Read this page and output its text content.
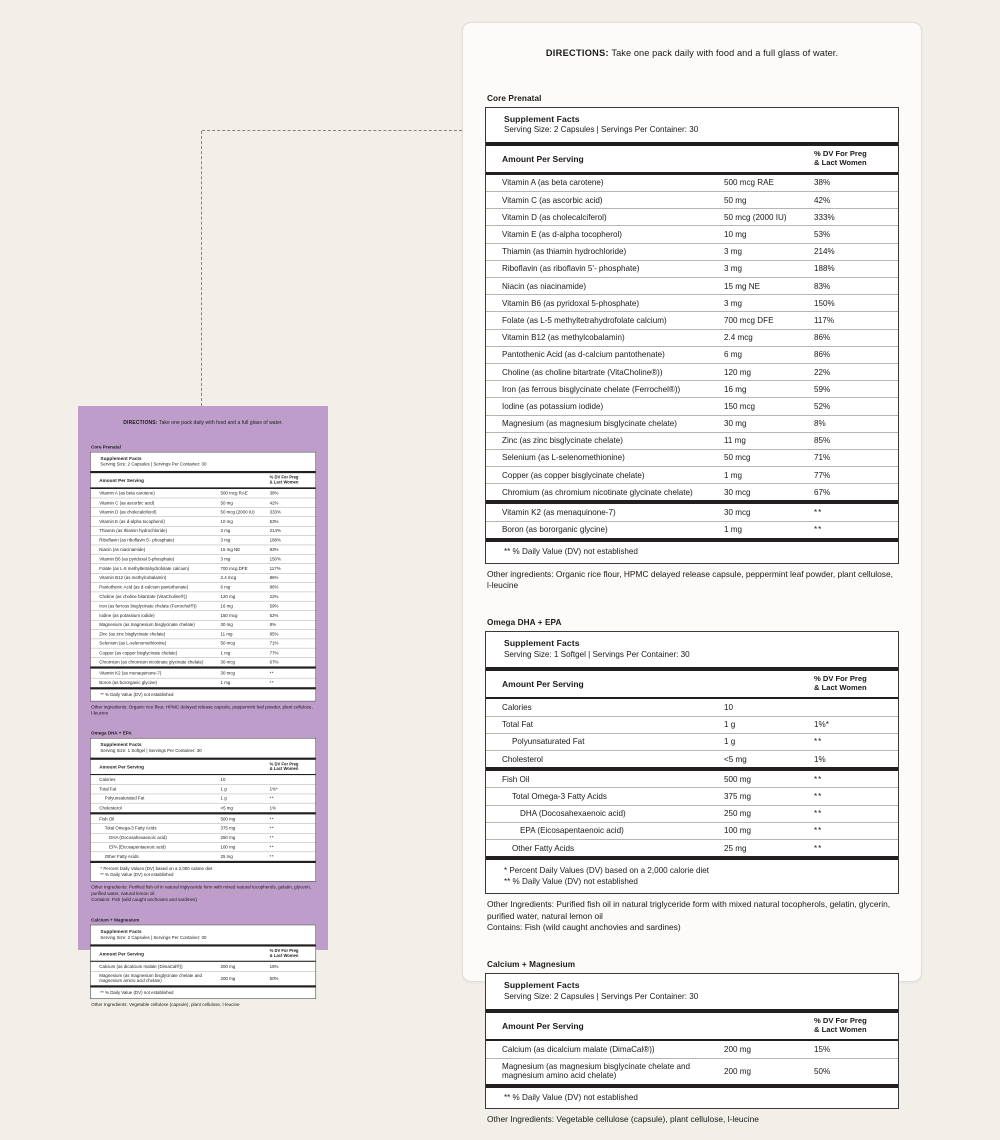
DIRECTIONS: Take one pack daily with food and a full glass of water.

Core Prenatal
Supplement Facts
Serving Size: 2 Capsules | Servings Per Container: 30
Amount Per Serving		% DV For Preg
& Lact Women
Vitamin A (as beta carotene)	500 mcg RAE	38%
Vitamin C (as ascorbic acid)	50 mg	42%
Vitamin D (as cholecalciferol)	50 mcg (2000 IU)	333%
Vitamin E (as d-alpha tocopherol)	10 mg	53%
Thiamin (as thiamin hydrochloride)	3 mg	214%
Riboflavin (as riboflavin 5'- phosphate)	3 mg	188%
Niacin (as niacinamide)	15 mg NE	83%
Vitamin B6 (as pyridoxal 5-phosphate)	3 mg	150%
Folate (as L-5 methyltetrahydrofolate calcium)	700 mcg DFE	117%
Vitamin B12 (as methylcobalamin)	2.4 mcg	86%
Pantothenic Acid (as d-calcium pantothenate)	6 mg	86%
Choline (as choline bitartrate (VitaCholine®))	120 mg	22%
Iron (as ferrous bisglycinate chelate (Ferrochel®))	16 mg	59%
Iodine (as potassium iodide)	150 mcg	52%
Magnesium (as magnesium bisglycinate chelate)	30 mg	8%
Zinc (as zinc bisglycinate chelate)	11 mg	85%
Selenium (as L-selenomethionine)	50 mcg	71%
Copper (as copper bisglycinate chelate)	1 mg	77%
Chromium (as chromium nicotinate glycinate chelate)	30 mcg	67%
Vitamin K2 (as menaquinone-7)	30 mcg	**
Boron (as bororganic glycine)	1 mg	**
** % Daily Value (DV) not established
Other ingredients: Organic rice flour, HPMC delayed release capsule, peppermint leaf powder, plant cellulose, l-leucine
Omega DHA + EPA
Supplement Facts
Serving Size: 1 Softgel | Servings Per Container: 30
Amount Per Serving		% DV For Preg
& Lact Women
Calories	10	
Total Fat	1 g	1%*
Polyunsaturated Fat	1 g	**
Cholesterol	<5 mg	1%
Fish Oil	500 mg	**
Total Omega-3 Fatty Acids	375 mg	**
DHA (Docosahexaenoic acid)	250 mg	**
EPA (Eicosapentaenoic acid)	100 mg	**
Other Fatty Acids	25 mg	**
* Percent Daily Values (DV) based on a 2,000 calorie diet
** % Daily Value (DV) not established
Other Ingredients: Purified fish oil in natural triglyceride form with mixed natural tocopherols, gelatin, glycerin, purified water, natural lemon oil
Contains: Fish (wild caught anchovies and sardines)
Calcium + Magnesium
Supplement Facts
Serving Size: 2 Capsules | Servings Per Container: 30
Amount Per Serving		% DV For Preg
& Lact Women
Calcium (as dicalcium malate (DimaCal®))	200 mg	15%
Magnesium (as magnesium bisglycinate chelate and magnesium amino acid chelate)	200 mg	50%
** % Daily Value (DV) not established
Other Ingredients: Vegetable cellulose (capsule), plant cellulose, l-leucine

DIRECTIONS: Take one pack daily with food and a full glass of water.

Core Prenatal
Supplement Facts
Serving Size: 2 Capsules | Servings Per Container: 30
Amount Per Serving		% DV For Preg
& Lact Women
Vitamin A (as beta carotene)	500 mcg RAE	38%
Vitamin C (as ascorbic acid)	50 mg	42%
Vitamin D (as cholecalciferol)	50 mcg (2000 IU)	333%
Vitamin E (as d-alpha tocopherol)	10 mg	53%
Thiamin (as thiamin hydrochloride)	3 mg	214%
Riboflavin (as riboflavin 5'- phosphate)	3 mg	188%
Niacin (as niacinamide)	15 mg NE	83%
Vitamin B6 (as pyridoxal 5-phosphate)	3 mg	150%
Folate (as L-5 methyltetrahydrofolate calcium)	700 mcg DFE	117%
Vitamin B12 (as methylcobalamin)	2.4 mcg	86%
Pantothenic Acid (as d-calcium pantothenate)	6 mg	86%
Choline (as choline bitartrate (VitaCholine®))	120 mg	22%
Iron (as ferrous bisglycinate chelate (Ferrochel®))	16 mg	59%
Iodine (as potassium iodide)	150 mcg	52%
Magnesium (as magnesium bisglycinate chelate)	30 mg	8%
Zinc (as zinc bisglycinate chelate)	11 mg	85%
Selenium (as L-selenomethionine)	50 mcg	71%
Copper (as copper bisglycinate chelate)	1 mg	77%
Chromium (as chromium nicotinate glycinate chelate)	30 mcg	67%
Vitamin K2 (as menaquinone-7)	30 mcg	**
Boron (as bororganic glycine)	1 mg	**
** % Daily Value (DV) not established
Other ingredients: Organic rice flour, HPMC delayed release capsule, peppermint leaf powder, plant cellulose, l-leucine
Omega DHA + EPA
Supplement Facts
Serving Size: 1 Softgel | Servings Per Container: 30
Amount Per Serving		% DV For Preg
& Lact Women
Calories	10	
Total Fat	1 g	1%*
Polyunsaturated Fat	1 g	**
Cholesterol	<5 mg	1%
Fish Oil	500 mg	**
Total Omega-3 Fatty Acids	375 mg	**
DHA (Docosahexaenoic acid)	250 mg	**
EPA (Eicosapentaenoic acid)	100 mg	**
Other Fatty Acids	25 mg	**
* Percent Daily Values (DV) based on a 2,000 calorie diet
** % Daily Value (DV) not established
Other Ingredients: Purified fish oil in natural triglyceride form with mixed natural tocopherols, gelatin, glycerin, purified water, natural lemon oil
Contains: Fish (wild caught anchovies and sardines)
Calcium + Magnesium
Supplement Facts
Serving Size: 2 Capsules | Servings Per Container: 30
Amount Per Serving		% DV For Preg
& Lact Women
Calcium (as dicalcium malate (DimaCal®))	200 mg	15%
Magnesium (as magnesium bisglycinate chelate and magnesium amino acid chelate)	200 mg	50%
** % Daily Value (DV) not established
Other Ingredients: Vegetable cellulose (capsule), plant cellulose, l-leucine
